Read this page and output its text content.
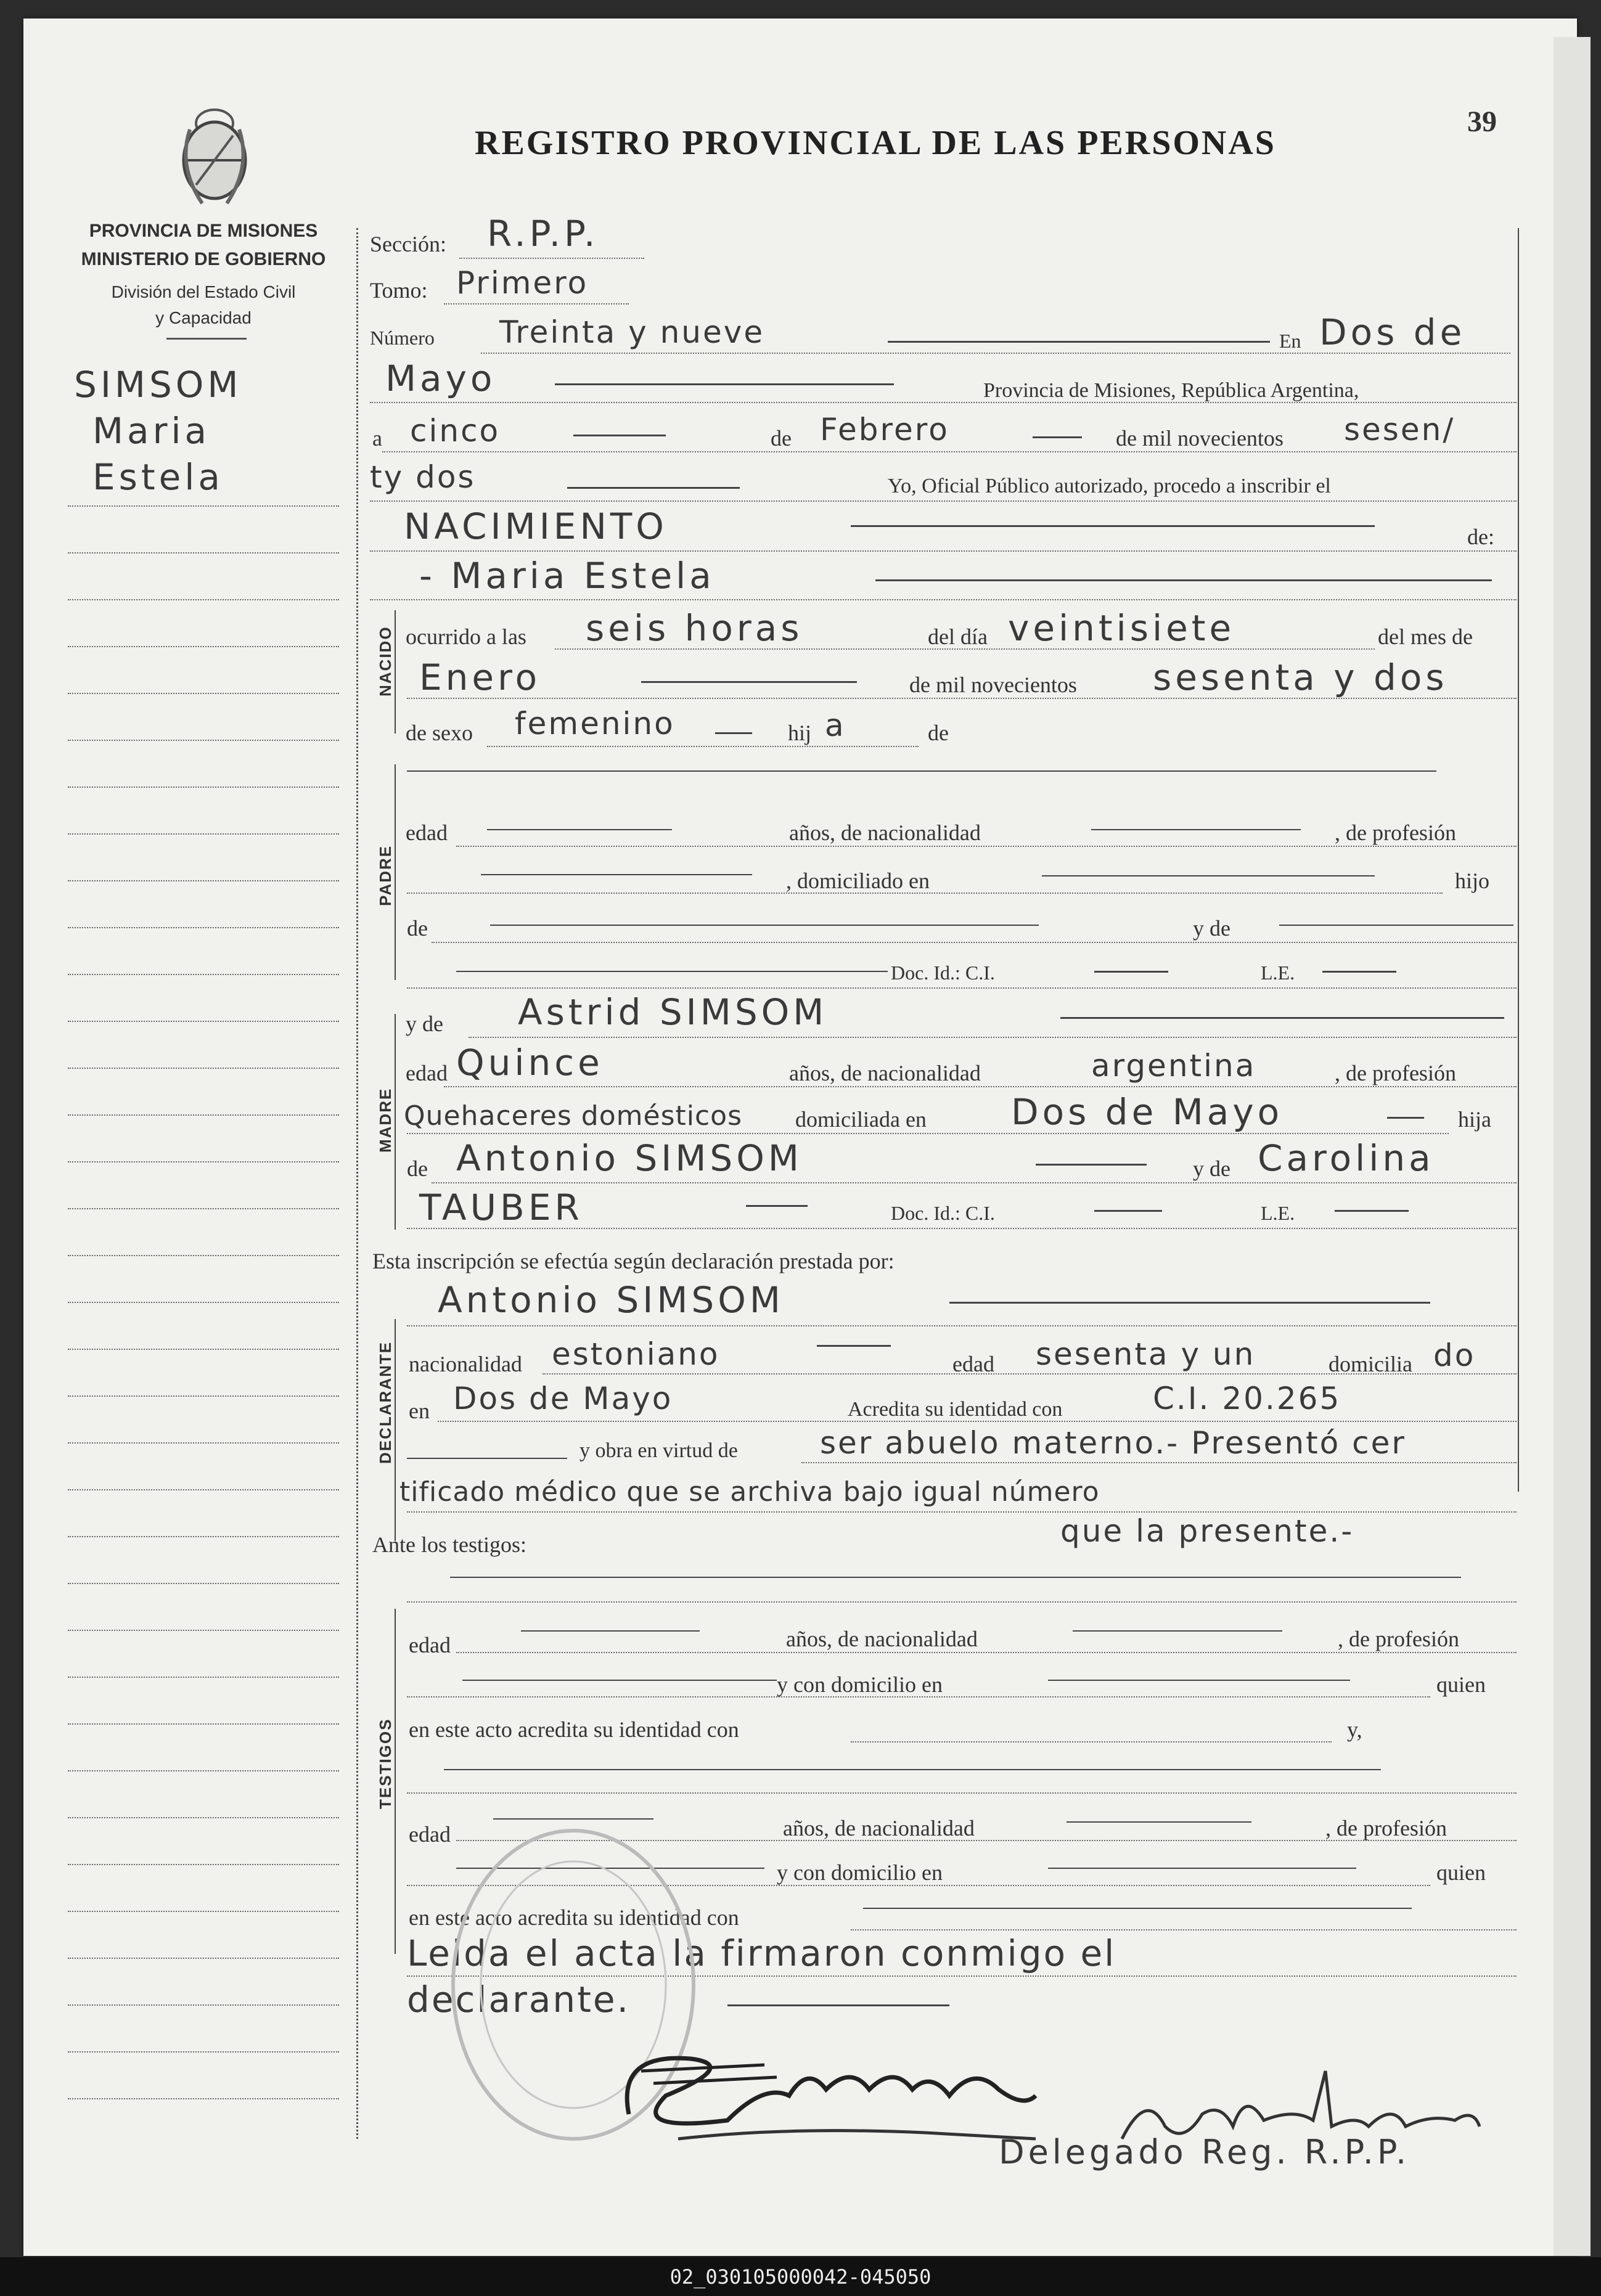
REGISTRO PROVINCIAL DE LAS PERSONAS
39
PROVINCIA DE MISIONES
MINISTERIO DE GOBIERNO
División del Estado Civil
y Capacidad
SIMSOM
Maria
Estela
NACIDO
PADRE
MADRE
DECLARANTE
TESTIGOS
Sección: R.P.P.
Tomo: Primero
Número Treinta y nueve	En Dos de
Mayo	Provincia de Misiones, República Argentina,
a cinco	de Febrero	de mil novecientos sesen/
ty dos	Yo, Oficial Público autorizado, procedo a inscribir el
NACIMIENTO	de:
- Maria Estela
ocurrido a las seis horas	del día veintisiete	del mes de
Enero	de mil novecientos sesenta y dos
de sexo femenino	hij a	de
edad	años, de nacionalidad	, de profesión
, domiciliado en	hijo
de	y de
Doc. Id.: C.I.	L.E.
y de Astrid SIMSOM
edad Quince	años, de nacionalidad	argentina	, de profesión
Quehaceres domésticos domiciliada en Dos de Mayo	hija
de Antonio SIMSOM	y de Carolina
TAUBER	Doc. Id.: C.I.	L.E.
Esta inscripción se efectúa según declaración prestada por:
Antonio SIMSOM
nacionalidad estoniano	edad sesenta y un	domicilia do
en Dos de Mayo	Acredita su identidad con	C.I. 20.265
y obra en virtud de	ser abuelo materno.- Presentó cer
tificado médico que se archiva bajo igual número
que la presente.-
Ante los testigos:
edad	años, de nacionalidad	, de profesión
y con domicilio en	quien
en este acto acredita su identidad con	y,
edad	años, de nacionalidad	, de profesión
y con domicilio en	quien
en este acto acredita su identidad con
Leida el acta la firmaron conmigo el
declarante.
Delegado Reg. R.P.P.
02_030105000042-045050
